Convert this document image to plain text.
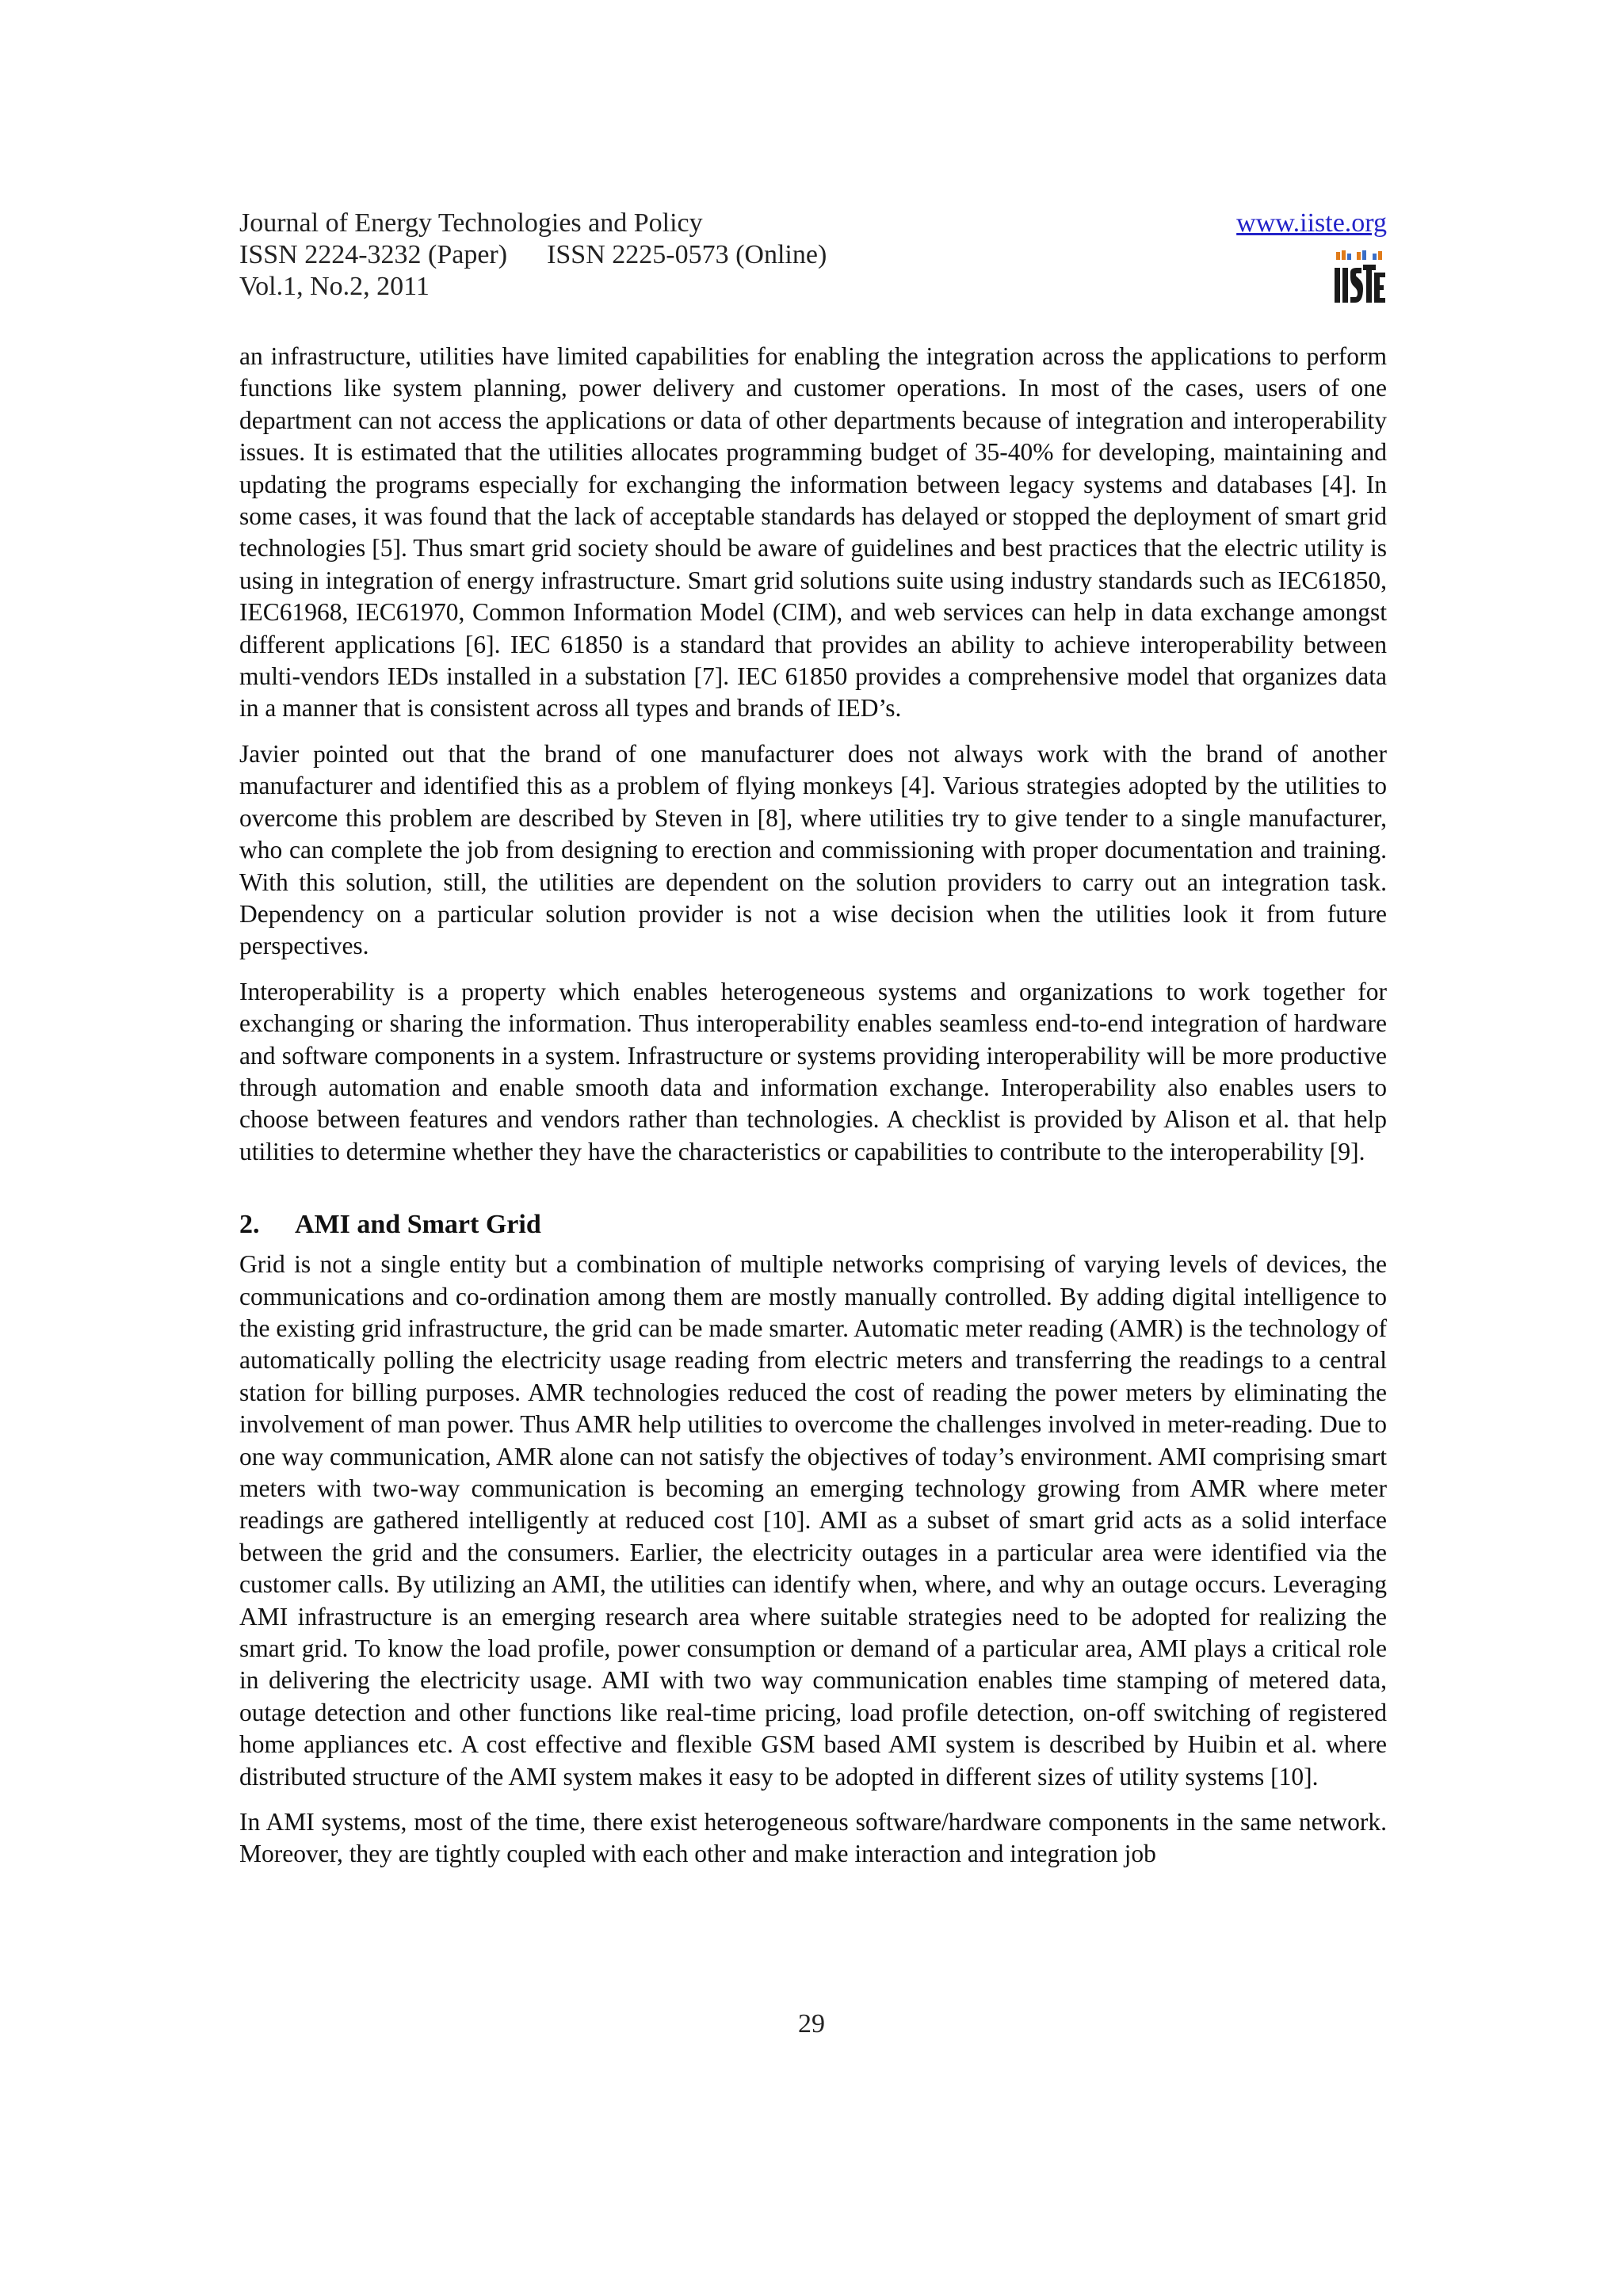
Journal of Energy Technologies and Policy
ISSN 2224-3232 (Paper) ISSN 2225-0573 (Online)
Vol.1, No.2, 2011
www.iiste.org

an infrastructure, utilities have limited capabilities for enabling the integration across the applications to perform functions like system planning, power delivery and customer operations. In most of the cases, users of one department can not access the applications or data of other departments because of integration and interoperability issues. It is estimated that the utilities allocates programming budget of 35-40% for developing, maintaining and updating the programs especially for exchanging the information between legacy systems and databases [4]. In some cases, it was found that the lack of acceptable standards has delayed or stopped the deployment of smart grid technologies [5]. Thus smart grid society should be aware of guidelines and best practices that the electric utility is using in integration of energy infrastructure. Smart grid solutions suite using industry standards such as IEC61850, IEC61968, IEC61970, Common Information Model (CIM), and web services can help in data exchange amongst different applications [6]. IEC 61850 is a standard that provides an ability to achieve interoperability between multi-vendors IEDs installed in a substation [7]. IEC 61850 provides a comprehensive model that organizes data in a manner that is consistent across all types and brands of IED’s.

Javier pointed out that the brand of one manufacturer does not always work with the brand of another manufacturer and identified this as a problem of flying monkeys [4]. Various strategies adopted by the utilities to overcome this problem are described by Steven in [8], where utilities try to give tender to a single manufacturer, who can complete the job from designing to erection and commissioning with proper documentation and training. With this solution, still, the utilities are dependent on the solution providers to carry out an integration task. Dependency on a particular solution provider is not a wise decision when the utilities look it from future perspectives.

Interoperability is a property which enables heterogeneous systems and organizations to work together for exchanging or sharing the information. Thus interoperability enables seamless end-to-end integration of hardware and software components in a system. Infrastructure or systems providing interoperability will be more productive through automation and enable smooth data and information exchange. Interoperability also enables users to choose between features and vendors rather than technologies. A checklist is provided by Alison et al. that help utilities to determine whether they have the characteristics or capabilities to contribute to the interoperability [9].

2. AMI and Smart Grid

Grid is not a single entity but a combination of multiple networks comprising of varying levels of devices, the communications and co-ordination among them are mostly manually controlled. By adding digital intelligence to the existing grid infrastructure, the grid can be made smarter. Automatic meter reading (AMR) is the technology of automatically polling the electricity usage reading from electric meters and transferring the readings to a central station for billing purposes. AMR technologies reduced the cost of reading the power meters by eliminating the involvement of man power. Thus AMR help utilities to overcome the challenges involved in meter-reading. Due to one way communication, AMR alone can not satisfy the objectives of today’s environment. AMI comprising smart meters with two-way communication is becoming an emerging technology growing from AMR where meter readings are gathered intelligently at reduced cost [10]. AMI as a subset of smart grid acts as a solid interface between the grid and the consumers. Earlier, the electricity outages in a particular area were identified via the customer calls. By utilizing an AMI, the utilities can identify when, where, and why an outage occurs. Leveraging AMI infrastructure is an emerging research area where suitable strategies need to be adopted for realizing the smart grid. To know the load profile, power consumption or demand of a particular area, AMI plays a critical role in delivering the electricity usage. AMI with two way communication enables time stamping of metered data, outage detection and other functions like real-time pricing, load profile detection, on-off switching of registered home appliances etc. A cost effective and flexible GSM based AMI system is described by Huibin et al. where distributed structure of the AMI system makes it easy to be adopted in different sizes of utility systems [10].

In AMI systems, most of the time, there exist heterogeneous software/hardware components in the same network. Moreover, they are tightly coupled with each other and make interaction and integration job

29
